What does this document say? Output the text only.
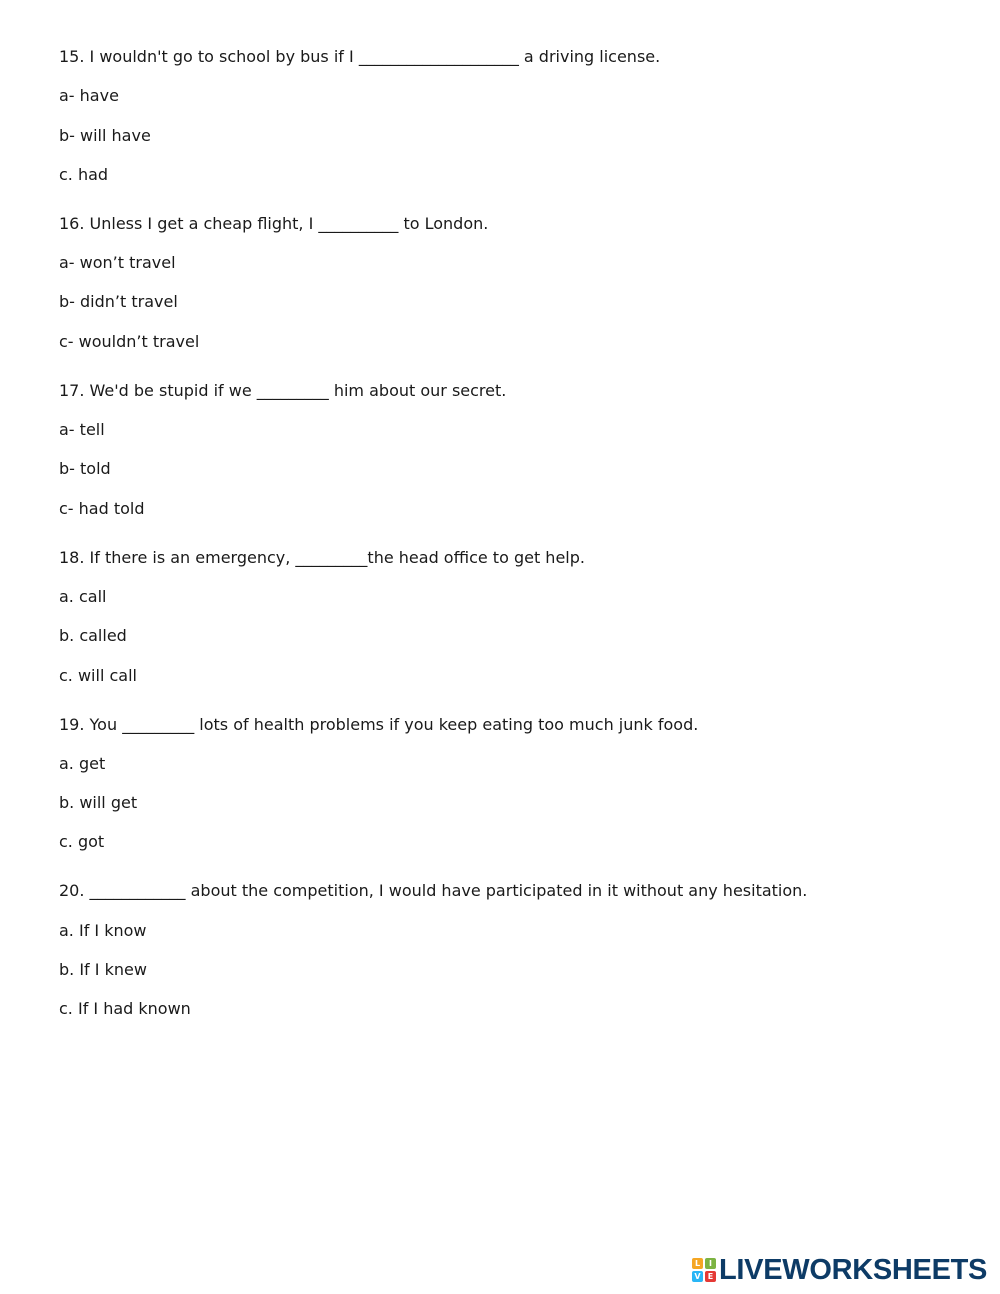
15. I wouldn't go to school by bus if I ____________________ a driving license.
a- have
b- will have
c. had
16. Unless I get a cheap flight, I __________ to London.
a- won’t travel
b- didn’t travel
c- wouldn’t travel
17. We'd be stupid if we _________ him about our secret.
a- tell
b- told
c- had told
18. If there is an emergency, _________the head office to get help.
a. call
b. called
c. will call
19. You _________ lots of health problems if you keep eating too much junk food.
a. get
b. will get
c. got
20. ____________ about the competition, I would have participated in it without any hesitation.
a. If I know
b. If I knew
c. If I had known
L	I
V E LIVEWORKSHEETS
